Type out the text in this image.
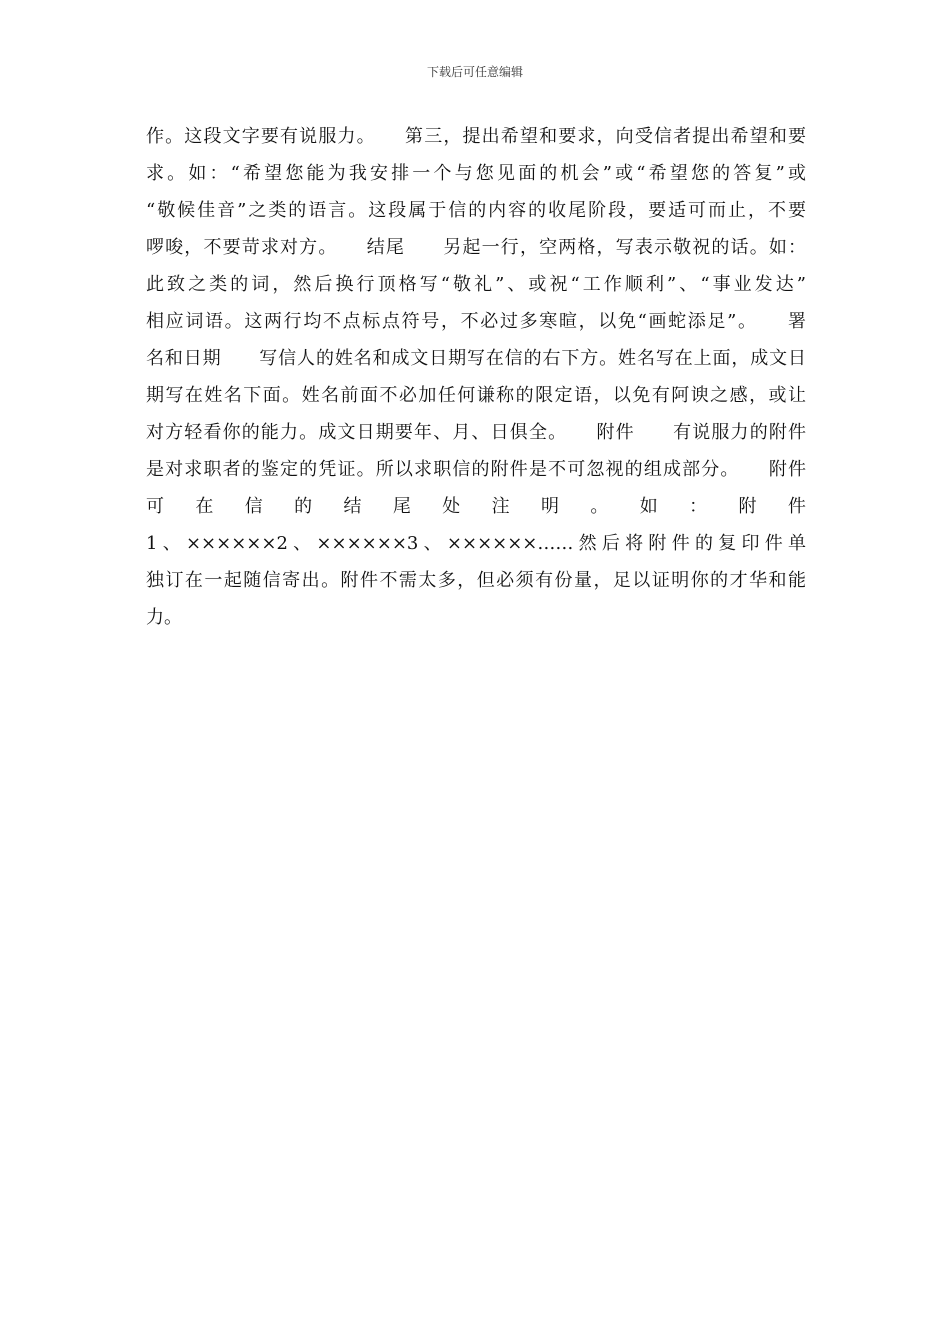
下载后可任意编辑
作。这段文字要有说服力。　　第三，提出希望和要求，向受信者提出希望和要
求。如：“希望您能为我安排一个与您见面的机会”或“希望您的答复”或
“敬候佳音”之类的语言。这段属于信的内容的收尾阶段，要适可而止，不要
啰唆，不要苛求对方。　　结尾　　另起一行，空两格，写表示敬祝的话。如：
此致之类的词，然后换行顶格写“敬礼”、或祝“工作顺利”、“事业发达”
相应词语。这两行均不点标点符号，不必过多寒暄，以免“画蛇添足”。　　署
名和日期　　写信人的姓名和成文日期写在信的右下方。姓名写在上面，成文日
期写在姓名下面。姓名前面不必加任何谦称的限定语，以免有阿谀之感，或让
对方轻看你的能力。成文日期要年、月、日俱全。　　附件　　有说服力的附件
是对求职者的鉴定的凭证。所以求职信的附件是不可忽视的组成部分。　　附件
可 在 信 的 结 尾 处 注 明 。 如 ： 附 件
1、××××××2、××××××3、××××××……然后将附件的复印件单
独订在一起随信寄出。附件不需太多，但必须有份量，足以证明你的才华和能
力。
